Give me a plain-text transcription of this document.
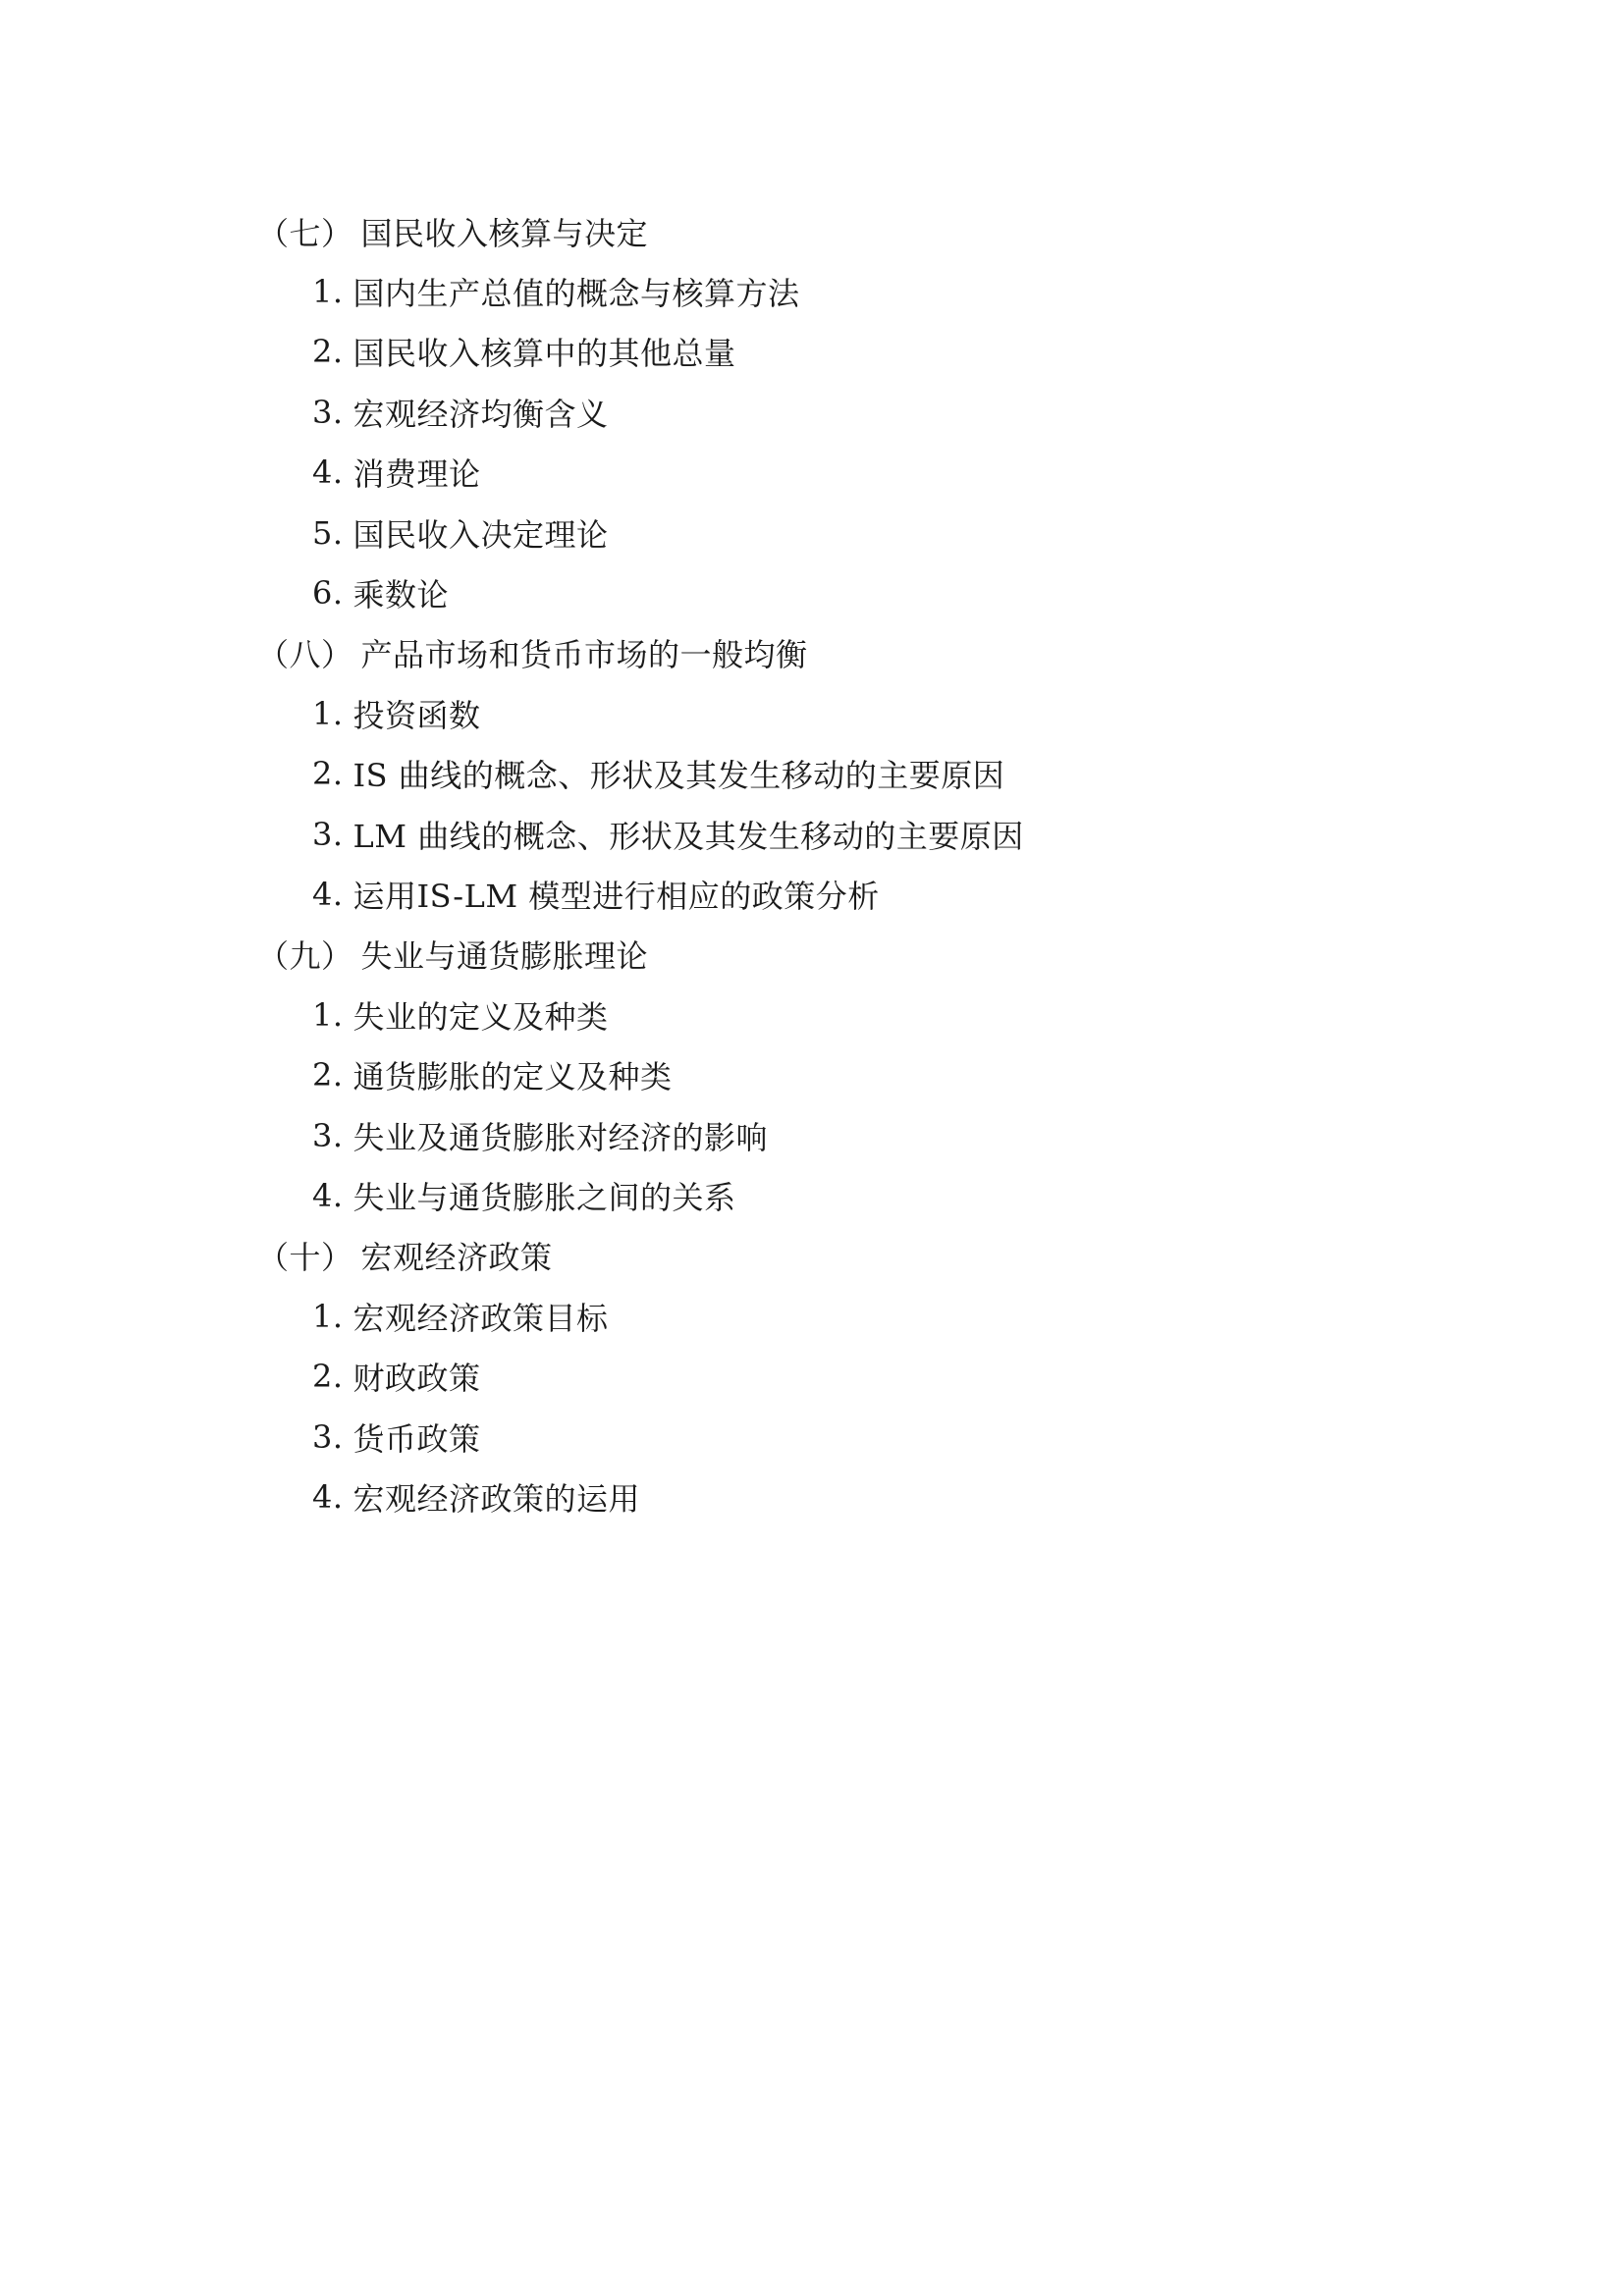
（七） 国民收入核算与决定
1. 国内生产总值的概念与核算方法
2. 国民收入核算中的其他总量
3. 宏观经济均衡含义
4. 消费理论
5. 国民收入决定理论
6. 乘数论
（八） 产品市场和货币市场的一般均衡
1. 投资函数
2. IS 曲线的概念、形状及其发生移动的主要原因
3. LM 曲线的概念、形状及其发生移动的主要原因
4. 运用IS-LM 模型进行相应的政策分析
（九） 失业与通货膨胀理论
1. 失业的定义及种类
2. 通货膨胀的定义及种类
3. 失业及通货膨胀对经济的影响
4. 失业与通货膨胀之间的关系
（十） 宏观经济政策
1. 宏观经济政策目标
2. 财政政策
3. 货币政策
4. 宏观经济政策的运用
